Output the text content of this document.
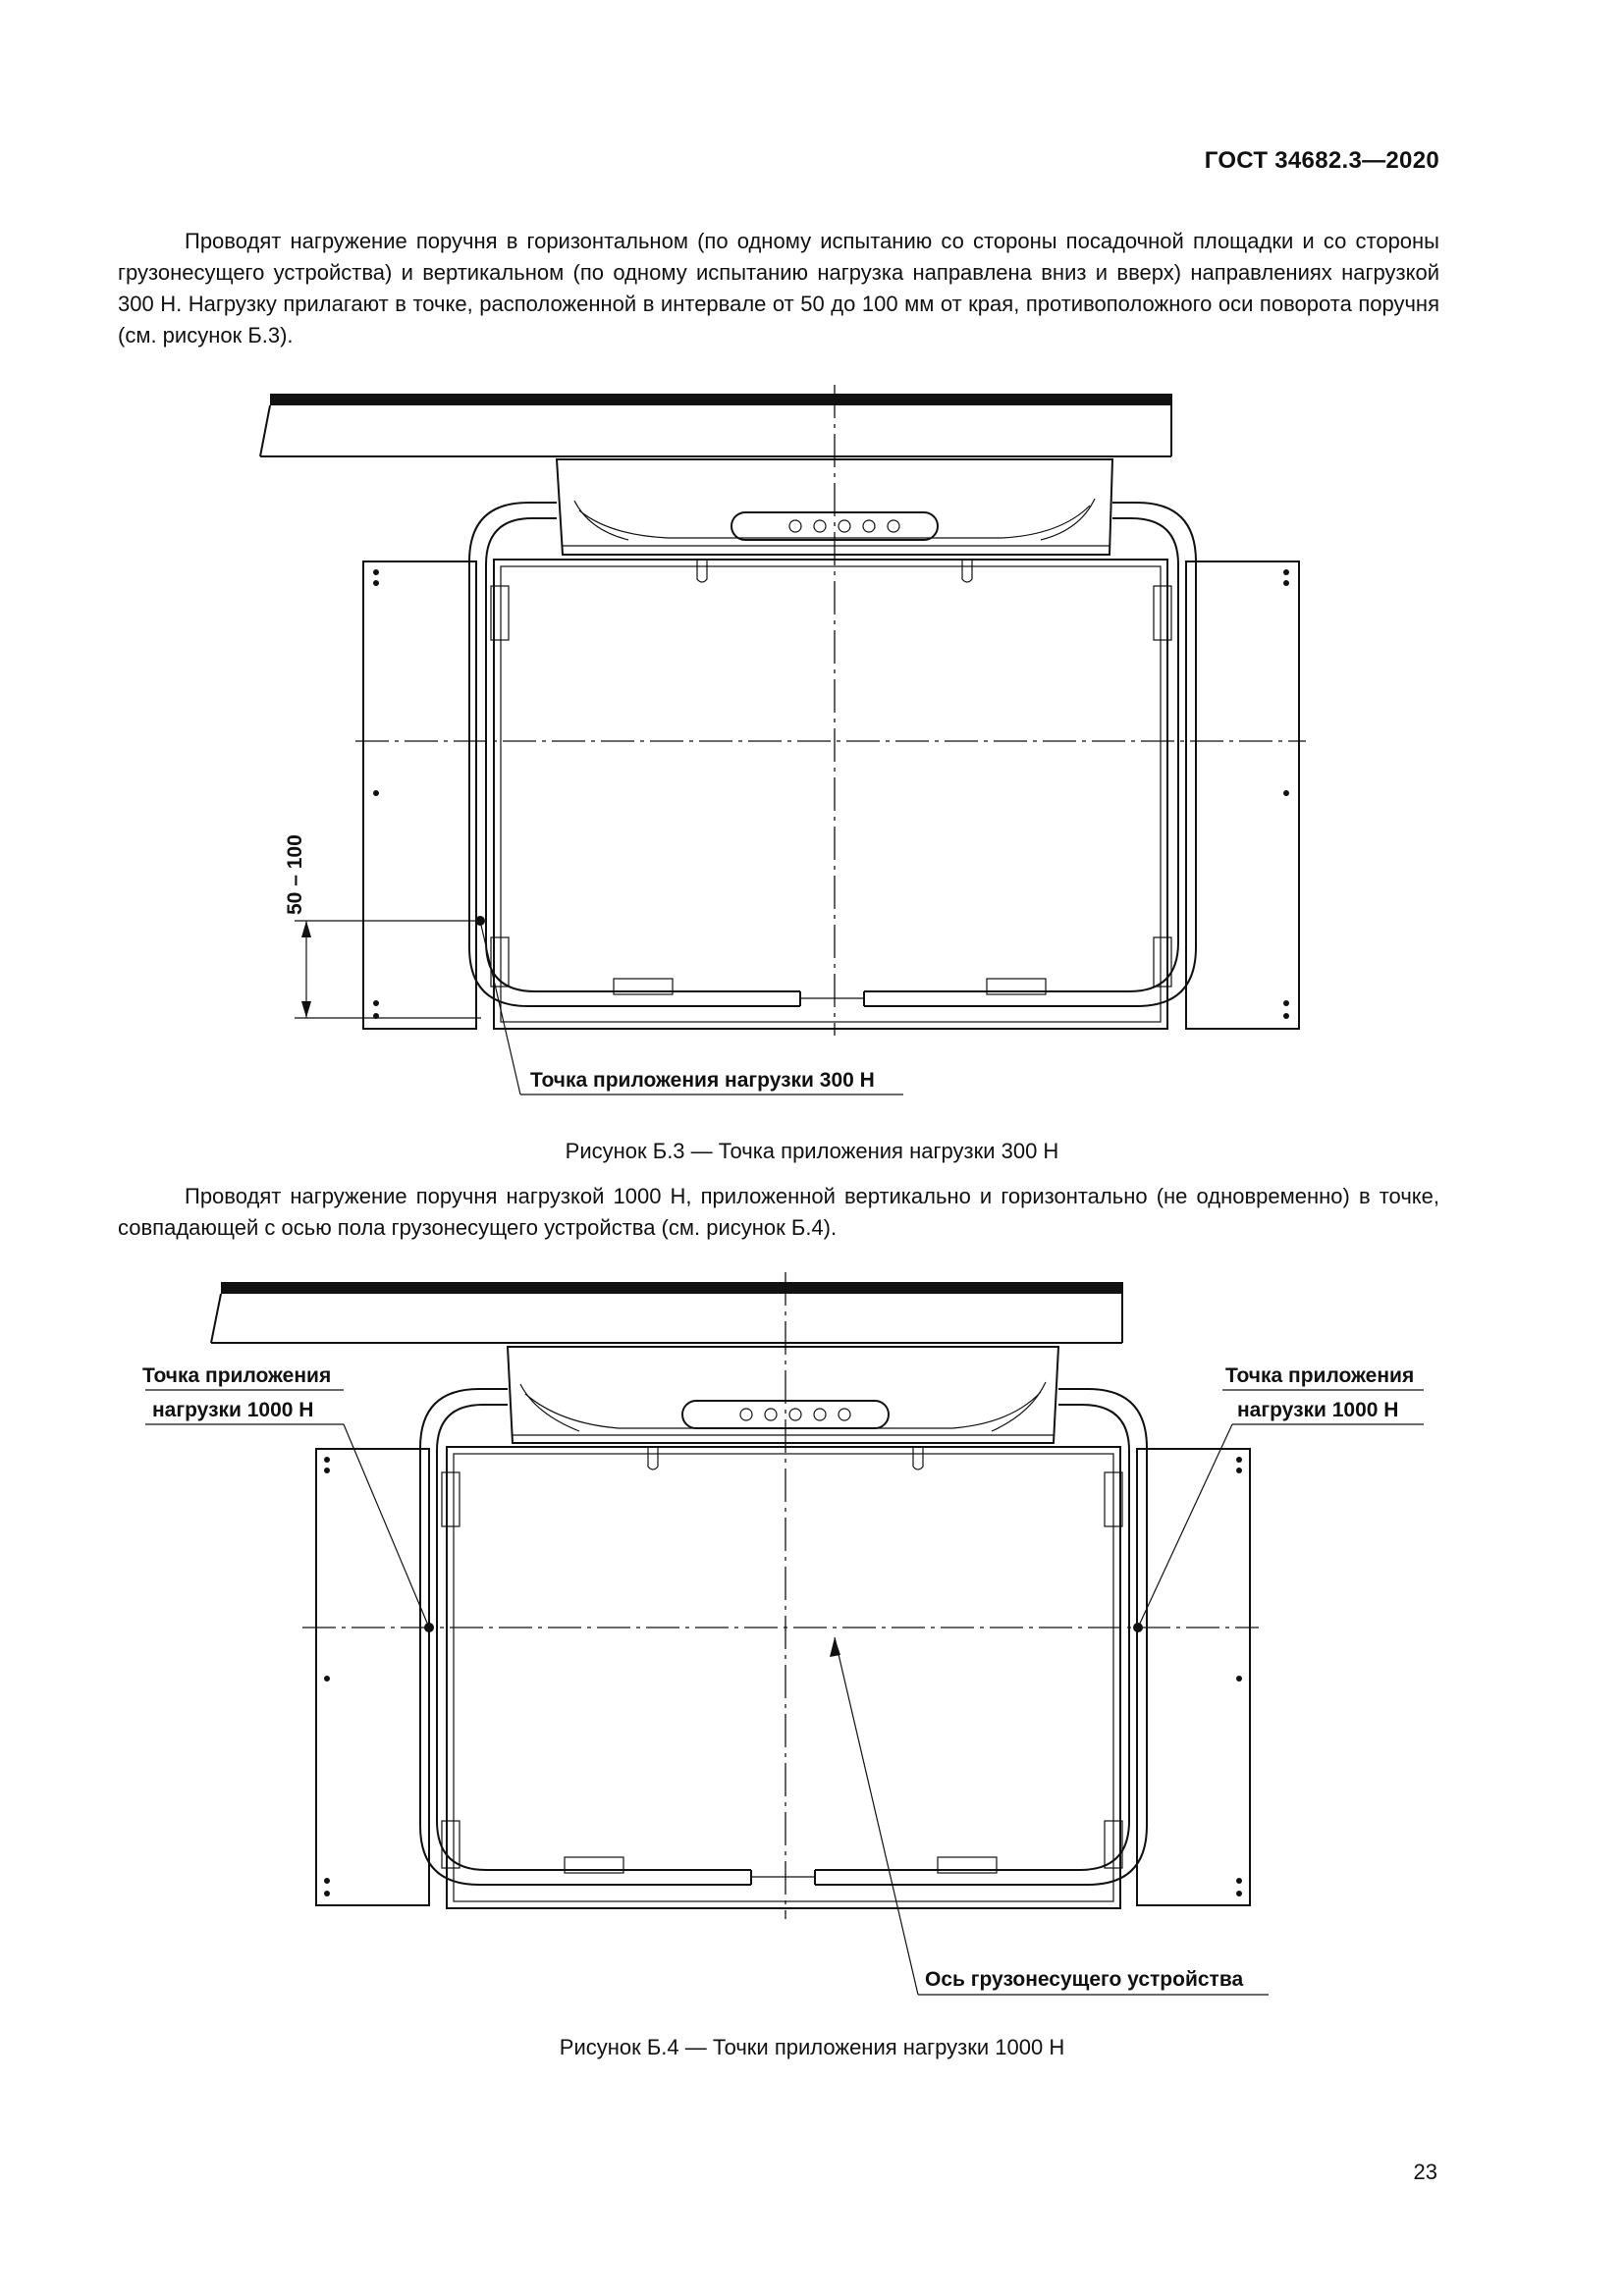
ГОСТ 34682.3—2020

Проводят нагружение поручня в горизонтальном (по одному испытанию со стороны посадочной площадки и со стороны грузонесущего устройства) и вертикальном (по одному испытанию нагрузка направлена вниз и вверх) направлениях нагрузкой 300 Н. Нагрузку прилагают в точке, расположенной в интервале от 50 до 100 мм от края, противоположного оси поворота поручня (см. рисунок Б.3).

50 – 100
Точка приложения нагрузки 300 Н
Рисунок Б.3 — Точка приложения нагрузки 300 Н

Проводят нагружение поручня нагрузкой 1000 Н, приложенной вертикально и горизонтально (не одновременно) в точке, совпадающей с осью пола грузонесущего устройства (см. рисунок Б.4).

Точка приложения
нагрузки 1000 Н
Точка приложения
нагрузки 1000 Н
Ось грузонесущего устройства
Рисунок Б.4 — Точки приложения нагрузки 1000 Н
23
